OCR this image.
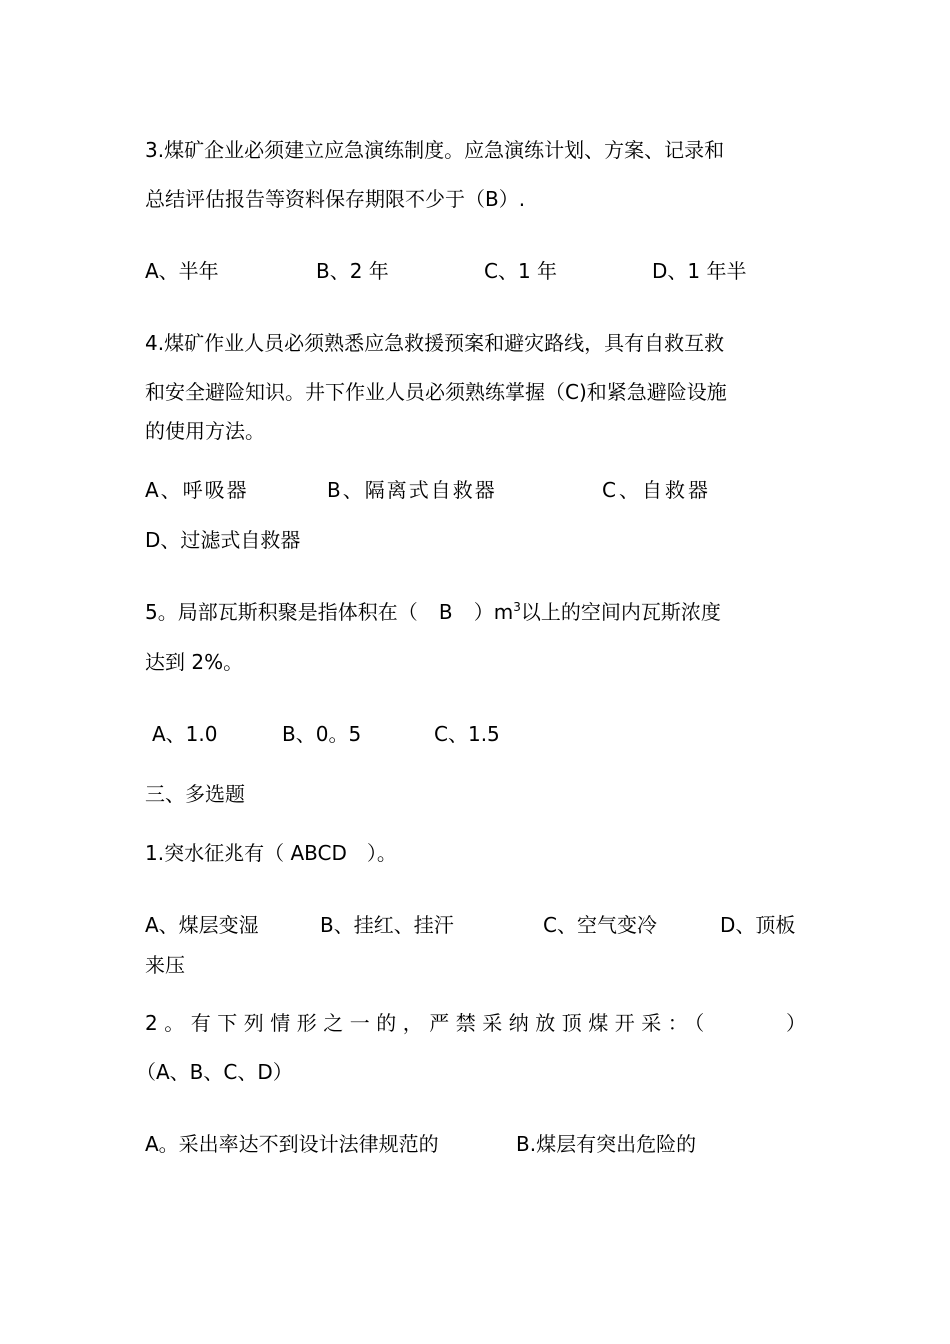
3.煤矿企业必须建立应急演练制度。应急演练计划、方案、记录和
总结评估报告等资料保存期限不少于（B）.
A、半年	B、2 年	C、1 年	D、1 年半
4.煤矿作业人员必须熟悉应急救援预案和避灾路线，具有自救互救
和安全避险知识。井下作业人员必须熟练掌握（C)和紧急避险设施
的使用方法。
A、呼吸器	B、隔离式自救器	C、自救器
D、过滤式自救器
5。局部瓦斯积聚是指体积在（ B ）$m^3$以上的空间内瓦斯浓度
达到 2%。
A、1.0	B、0。5	C、1.5
三、多选题
1.突水征兆有（ ABCD　）。
A、煤层变湿	B、挂红、挂汗	C、空气变冷	D、顶板
来压
2。有下列情形之一的，严禁采纳放顶煤开采：（	）
（A、B、C、D）
A。采出率达不到设计法律规范的	B.煤层有突出危险的
